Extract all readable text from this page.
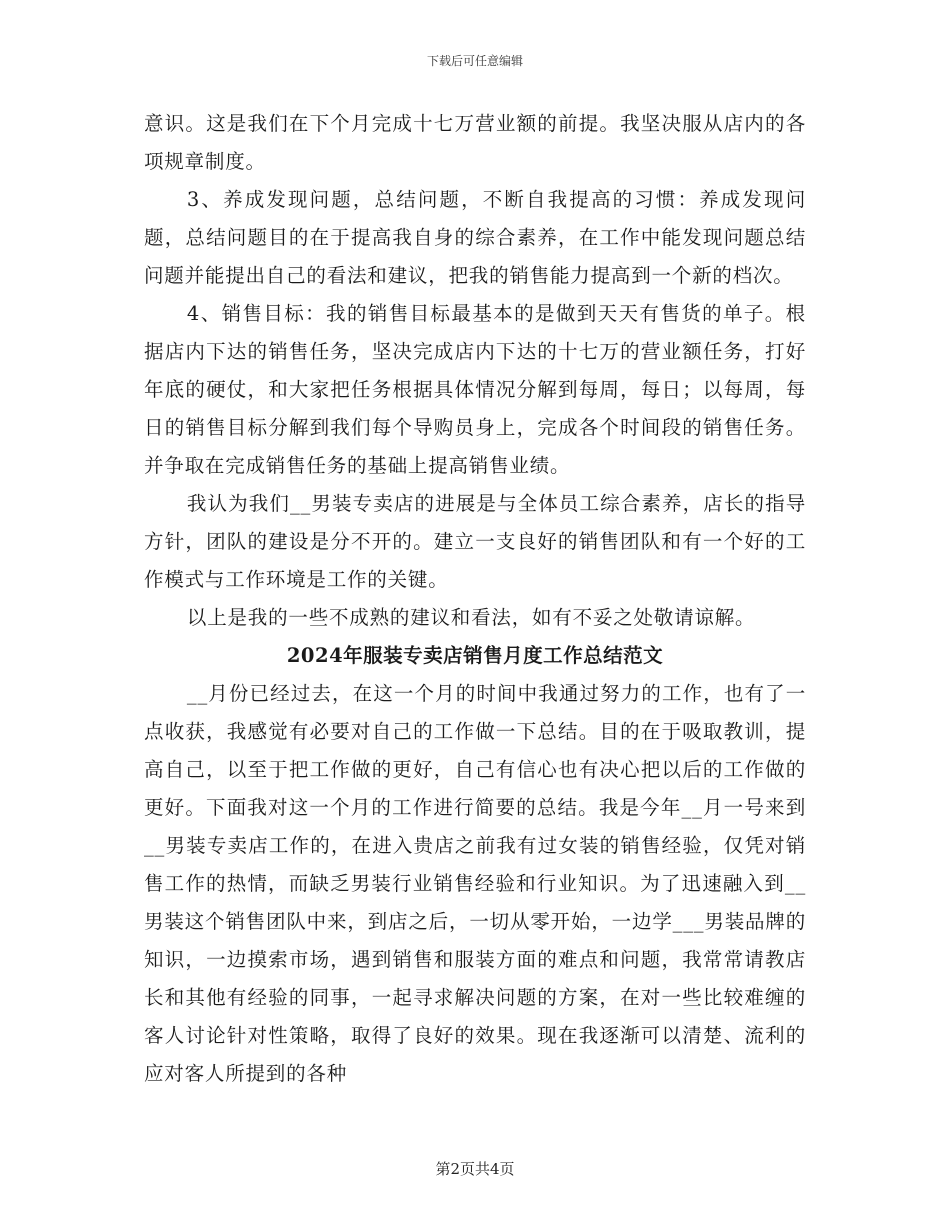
下载后可任意编辑

意识。这是我们在下个月完成十七万营业额的前提。我坚决服从店内的各项规章制度。

3、养成发现问题，总结问题，不断自我提高的习惯：养成发现问题，总结问题目的在于提高我自身的综合素养，在工作中能发现问题总结问题并能提出自己的看法和建议，把我的销售能力提高到一个新的档次。

4、销售目标：我的销售目标最基本的是做到天天有售货的单子。根据店内下达的销售任务，坚决完成店内下达的十七万的营业额任务，打好年底的硬仗，和大家把任务根据具体情况分解到每周，每日；以每周，每日的销售目标分解到我们每个导购员身上，完成各个时间段的销售任务。并争取在完成销售任务的基础上提高销售业绩。

我认为我们__男装专卖店的进展是与全体员工综合素养，店长的指导方针，团队的建设是分不开的。建立一支良好的销售团队和有一个好的工作模式与工作环境是工作的关键。

以上是我的一些不成熟的建议和看法，如有不妥之处敬请谅解。

2024年服装专卖店销售月度工作总结范文

__月份已经过去，在这一个月的时间中我通过努力的工作，也有了一点收获，我感觉有必要对自己的工作做一下总结。目的在于吸取教训，提高自己，以至于把工作做的更好，自己有信心也有决心把以后的工作做的更好。下面我对这一个月的工作进行简要的总结。我是今年__月一号来到__男装专卖店工作的，在进入贵店之前我有过女装的销售经验，仅凭对销售工作的热情，而缺乏男装行业销售经验和行业知识。为了迅速融入到__男装这个销售团队中来，到店之后，一切从零开始，一边学___男装品牌的知识，一边摸索市场，遇到销售和服装方面的难点和问题，我常常请教店长和其他有经验的同事，一起寻求解决问题的方案，在对一些比较难缠的客人讨论针对性策略，取得了良好的效果。现在我逐渐可以清楚、流利的应对客人所提到的各种

第2页共4页
